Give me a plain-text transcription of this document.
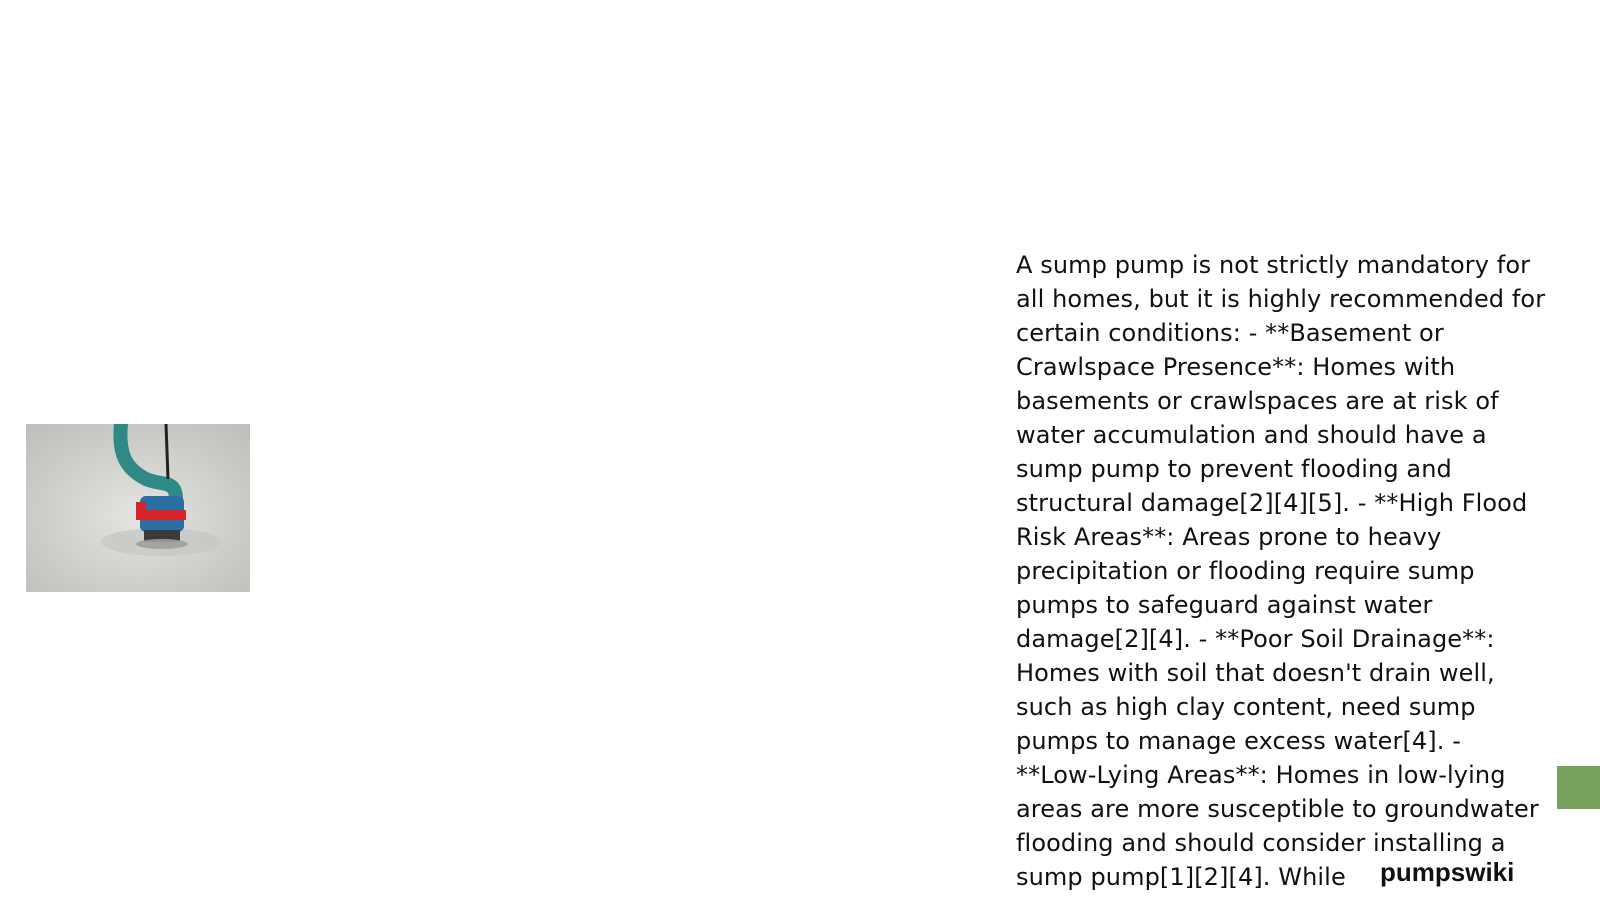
A sump pump is not strictly mandatory for all homes, but it is highly recommended for certain conditions: - **Basement or Crawlspace Presence**: Homes with basements or crawlspaces are at risk of water accumulation and should have a sump pump to prevent flooding and structural damage[2][4][5]. - **High Flood Risk Areas**: Areas prone to heavy precipitation or flooding require sump pumps to safeguard against water damage[2][4]. - **Poor Soil Drainage**: Homes with soil that doesn't drain well, such as high clay content, need sump pumps to manage excess water[4]. - **Low-Lying Areas**: Homes in low-lying areas are more susceptible to groundwater flooding and should consider installing a sump pump[1][2][4]. While	pumpswiki
